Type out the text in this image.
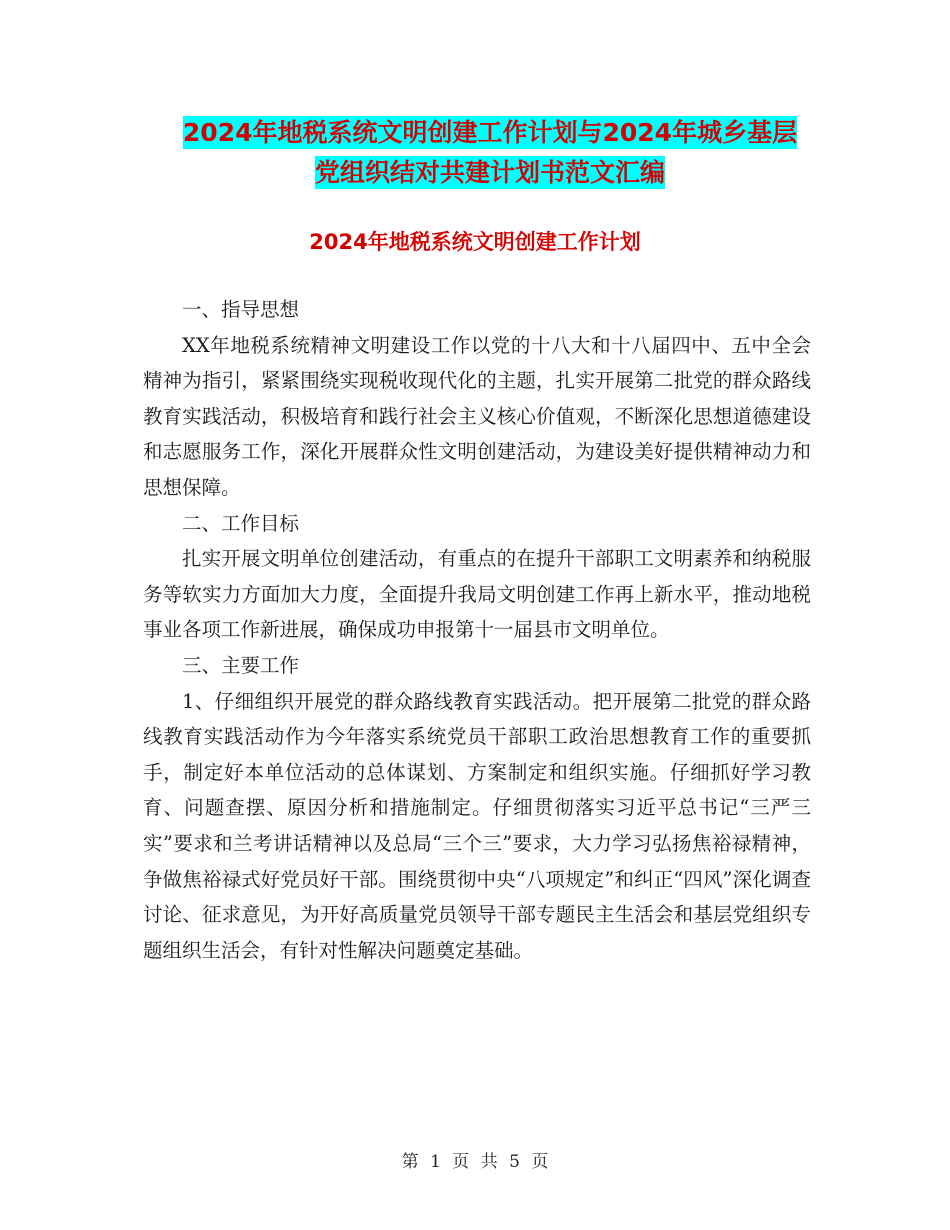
2024年地税系统文明创建工作计划与2024年城乡基层
党组织结对共建计划书范文汇编
2024年地税系统文明创建工作计划

一、指导思想

XX年地税系统精神文明建设工作以党的十八大和十八届四中、五中全会精神为指引，紧紧围绕实现税收现代化的主题，扎实开展第二批党的群众路线教育实践活动，积极培育和践行社会主义核心价值观，不断深化思想道德建设和志愿服务工作，深化开展群众性文明创建活动，为建设美好提供精神动力和思想保障。

二、工作目标

扎实开展文明单位创建活动，有重点的在提升干部职工文明素养和纳税服务等软实力方面加大力度，全面提升我局文明创建工作再上新水平，推动地税事业各项工作新进展，确保成功申报第十一届县市文明单位。

三、主要工作

1、仔细组织开展党的群众路线教育实践活动。把开展第二批党的群众路线教育实践活动作为今年落实系统党员干部职工政治思想教育工作的重要抓手，制定好本单位活动的总体谋划、方案制定和组织实施。仔细抓好学习教育、问题查摆、原因分析和措施制定。仔细贯彻落实习近平总书记“三严三实”要求和兰考讲话精神以及总局“三个三”要求，大力学习弘扬焦裕禄精神，争做焦裕禄式好党员好干部。围绕贯彻中央“八项规定”和纠正“四风”深化调查讨论、征求意见，为开好高质量党员领导干部专题民主生活会和基层党组织专题组织生活会，有针对性解决问题奠定基础。

第 1 页 共 5 页
